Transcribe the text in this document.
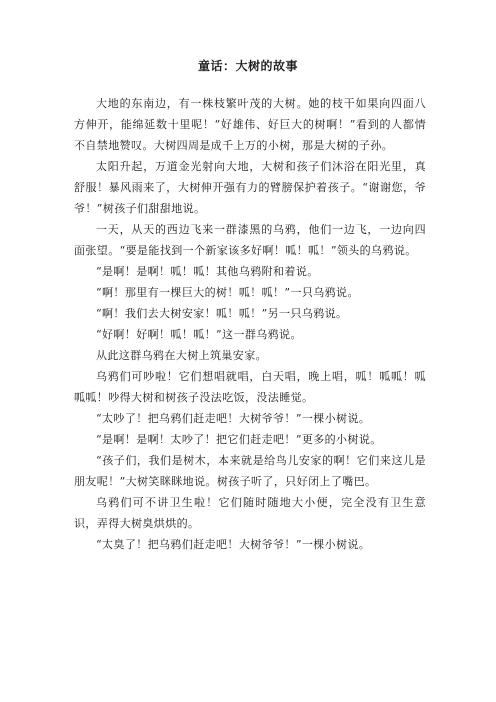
童话：大树的故事

大地的东南边，有一株枝繁叶茂的大树。她的枝干如果向四面八方伸开，能绵延数十里呢！“好雄伟、好巨大的树啊！”看到的人都情不自禁地赞叹。大树四周是成千上万的小树，那是大树的子孙。

太阳升起，万道金光射向大地，大树和孩子们沐浴在阳光里，真舒服！暴风雨来了，大树伸开强有力的臂膀保护着孩子。“谢谢您，爷爷！”树孩子们甜甜地说。

一天，从天的西边飞来一群漆黑的乌鸦，他们一边飞，一边向四面张望。“要是能找到一个新家该多好啊！呱！呱！”领头的乌鸦说。

“是啊！是啊！呱！呱！其他乌鸦附和着说。

“啊！那里有一棵巨大的树！呱！呱！”一只乌鸦说。

“啊！我们去大树安家！呱！呱！”另一只乌鸦说。

“好啊！好啊！呱！呱！”这一群乌鸦说。

从此这群乌鸦在大树上筑巢安家。

乌鸦们可吵啦！它们想唱就唱，白天唱，晚上唱，呱！呱呱！呱呱呱！吵得大树和树孩子没法吃饭，没法睡觉。

“太吵了！把乌鸦们赶走吧！大树爷爷！”一棵小树说。

“是啊！是啊！太吵了！把它们赶走吧！”更多的小树说。

“孩子们，我们是树木，本来就是给鸟儿安家的啊！它们来这儿是朋友呢！”大树笑眯眯地说。树孩子听了，只好闭上了嘴巴。

乌鸦们可不讲卫生啦！它们随时随地大小便，完全没有卫生意识，弄得大树臭烘烘的。

“太臭了！把乌鸦们赶走吧！大树爷爷！”一棵小树说。
